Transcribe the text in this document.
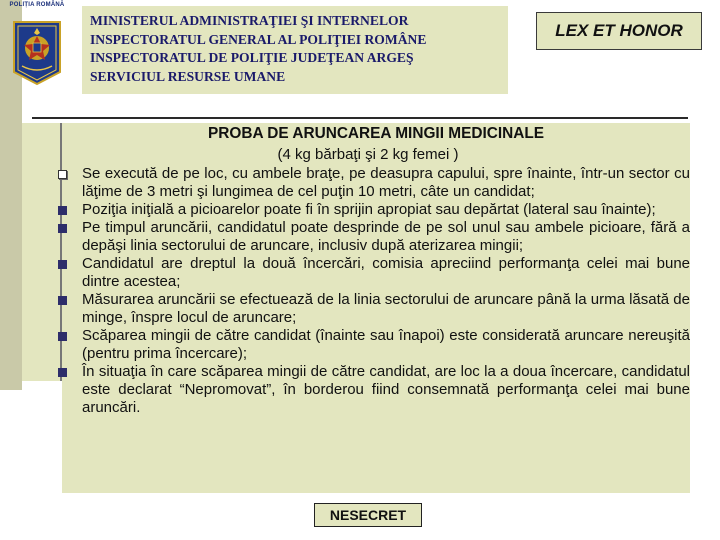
POLIȚIA ROMÂNĂ
MINISTERUL ADMINISTRAŢIEI ŞI INTERNELOR
INSPECTORATUL GENERAL AL POLIŢIEI ROMÂNE
INSPECTORATUL DE POLIŢIE JUDEŢEAN ARGEŞ
SERVICIUL RESURSE UMANE
LEX ET HONOR
PROBA DE ARUNCAREA MINGII MEDICINALE
(4 kg bărbaţi şi 2 kg femei )

Se execută de pe loc, cu ambele braţe, pe deasupra capului, spre înainte, într-un sector cu lăţime de 3 metri şi lungimea de cel puţin 10 metri, câte un candidat;

Poziţia iniţială a picioarelor poate fi în sprijin apropiat sau depărtat (lateral sau înainte);

Pe timpul aruncării, candidatul poate desprinde de pe sol unul sau ambele picioare, fără a depăşi linia sectorului de aruncare, inclusiv după aterizarea mingii;

Candidatul are dreptul la două încercări, comisia apreciind performanţa celei mai bune dintre acestea;

Măsurarea aruncării se efectuează de la linia sectorului de aruncare până la urma lăsată de minge, înspre locul de aruncare;

Scăparea mingii de către candidat (înainte sau înapoi) este considerată aruncare nereuşită (pentru prima încercare);

În situaţia în care scăparea mingii de către candidat, are loc la a doua încercare, candidatul este declarat “Nepromovat”, în borderou fiind consemnată performanţa celei mai bune aruncări.

NESECRET
